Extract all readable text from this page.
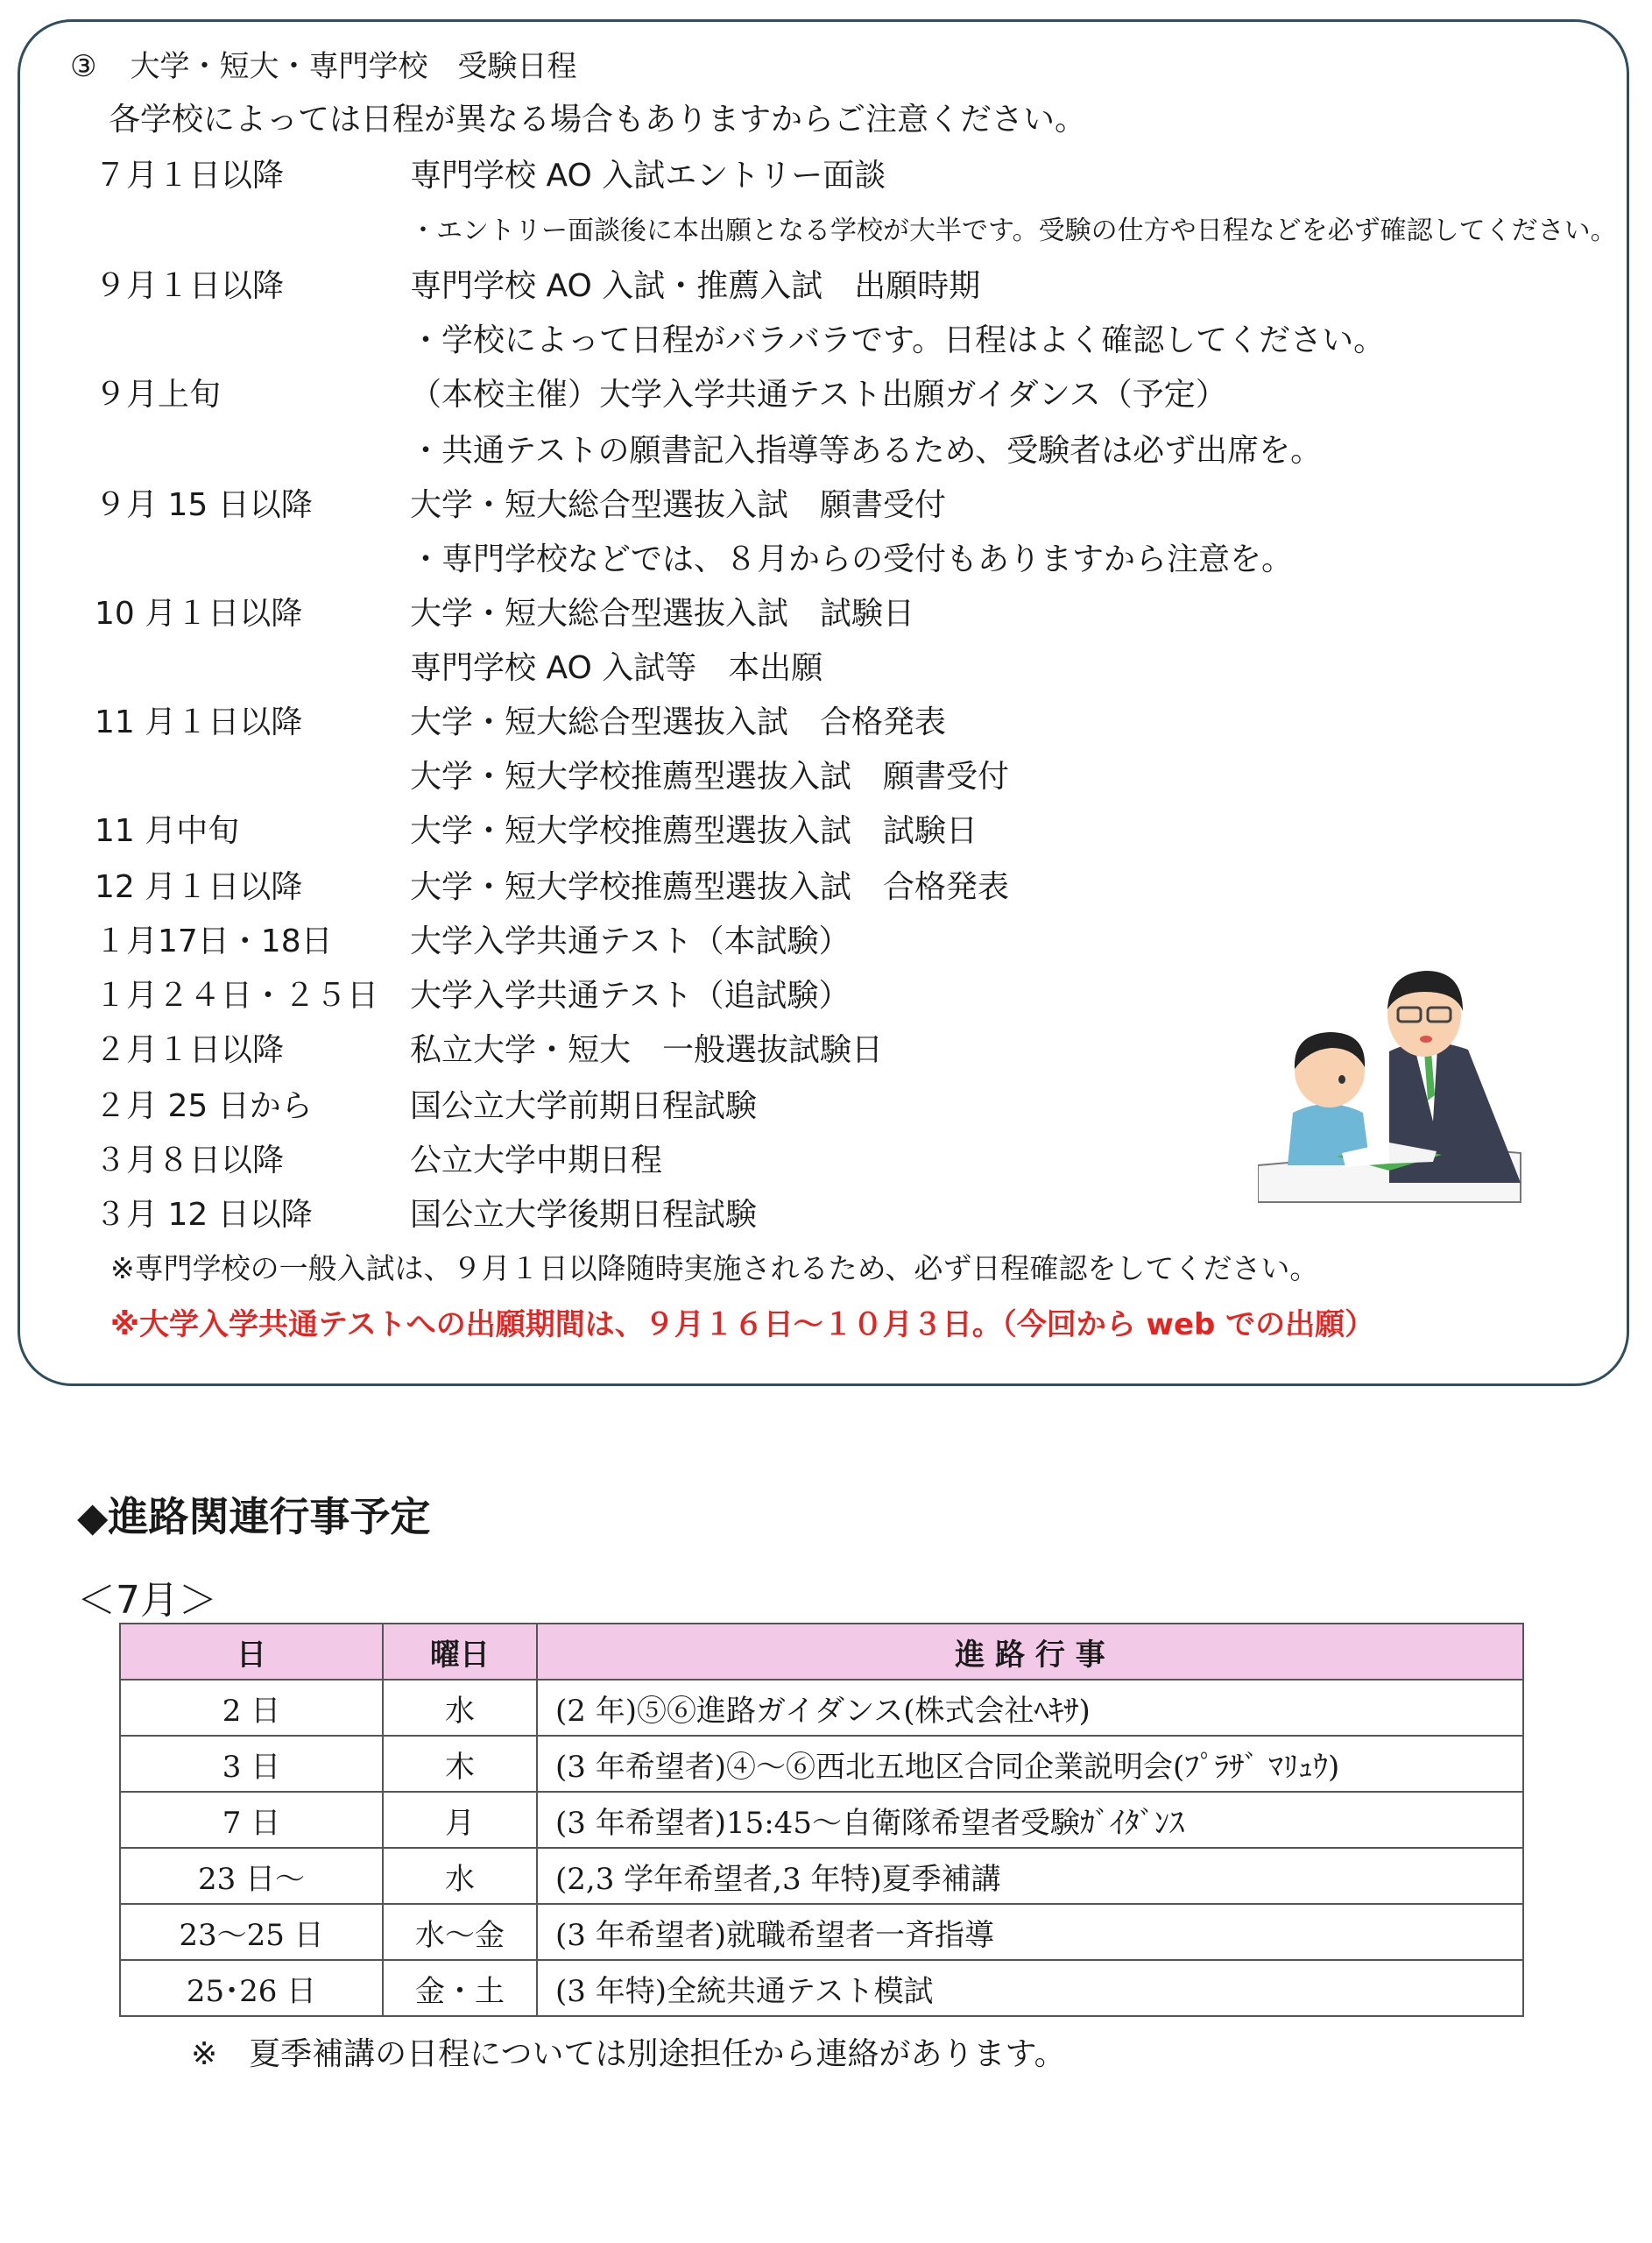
③ 大学・短大・専門学校　受験日程
各学校によっては日程が異なる場合もありますからご注意ください。
７月１日以降	専門学校 AO 入試エントリー面談
・エントリー面談後に本出願となる学校が大半です。受験の仕方や日程などを必ず確認してください。
９月１日以降	専門学校 AO 入試・推薦入試　出願時期
・学校によって日程がバラバラです。日程はよく確認してください。
９月上旬	（本校主催）大学入学共通テスト出願ガイダンス（予定）
・共通テストの願書記入指導等あるため、受験者は必ず出席を。
９月 15 日以降	大学・短大総合型選抜入試　願書受付
・専門学校などでは、８月からの受付もありますから注意を。
10 月１日以降	大学・短大総合型選抜入試　試験日
専門学校 AO 入試等　本出願
11 月１日以降	大学・短大総合型選抜入試　合格発表
大学・短大学校推薦型選抜入試　願書受付
11 月中旬	大学・短大学校推薦型選抜入試　試験日
12 月１日以降	大学・短大学校推薦型選抜入試　合格発表
１月17日・18日 大学入学共通テスト（本試験）
１月２４日・２５日 大学入学共通テスト（追試験）
２月１日以降	私立大学・短大　一般選抜試験日
２月 25 日から	国公立大学前期日程試験
３月８日以降	公立大学中期日程
３月 12 日以降	国公立大学後期日程試験
※専門学校の一般入試は、９月１日以降随時実施されるため、必ず日程確認をしてください。
※大学入学共通テストへの出願期間は、９月１６日～１０月３日。（今回から web での出願）
◆進路関連行事予定
＜7月＞
日	曜日	進 路 行 事
2 日	水	(2 年)⑤⑥進路ガイダンス(株式会社ﾍｷｻ)
3 日	木	(3 年希望者)④～⑥西北五地区合同企業説明会(ﾌﾟﾗｻﾞ ﾏﾘｭｳ)
7 日	月	(3 年希望者)15:45～自衛隊希望者受験ｶﾞｲﾀﾞﾝｽ
23 日～	水	(2,3 学年希望者,3 年特)夏季補講
23～25 日	水～金	(3 年希望者)就職希望者一斉指導
25･26 日	金・土	(3 年特)全統共通テスト模試
※　夏季補講の日程については別途担任から連絡があります。
